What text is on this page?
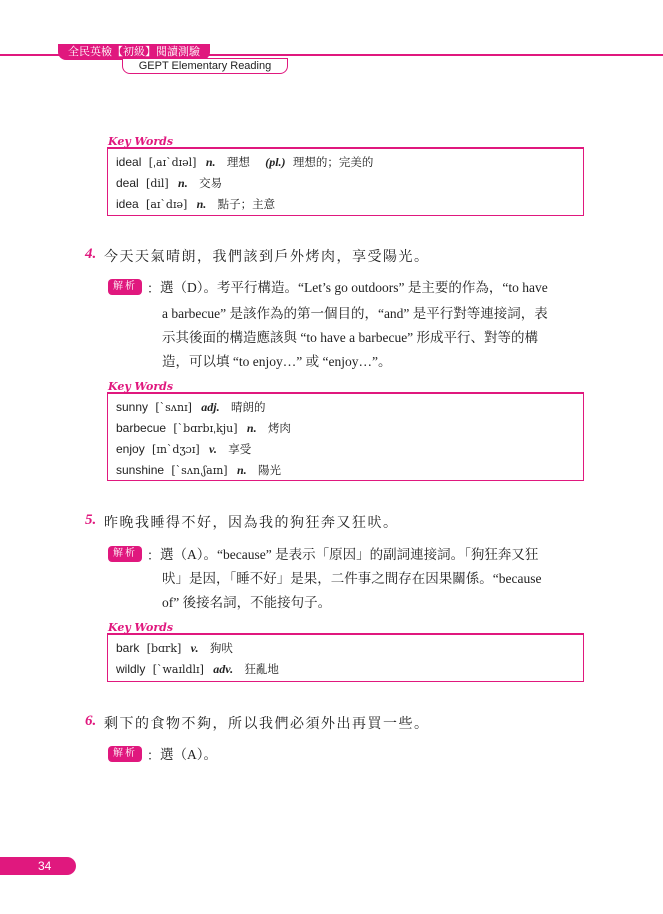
全民英檢【初級】閱讀測驗
GEPT Elementary Reading
Key Words
ideal [ˌaɪˋdɪəl] n. 理想 (pl.) 理想的；完美的
deal [dil] n. 交易
idea [aɪˋdɪə] n. 點子；主意
4. 今天天氣晴朗，我們該到戶外烤肉，享受陽光。
解析 ： 選（D）。考平行構造。“Let’s go outdoors” 是主要的作為，“to have
a barbecue” 是該作為的第一個目的，“and” 是平行對等連接詞，表
示其後面的構造應該與 “to have a barbecue” 形成平行、對等的構
造，可以填 “to enjoy…” 或 “enjoy…”。
Key Words
sunny [ˋsʌnɪ] adj. 晴朗的
barbecue [ˋbɑrbɪˌkju] n. 烤肉
enjoy [ɪnˋdʒɔɪ] v. 享受
sunshine [ˋsʌnˌʃaɪn] n. 陽光
5. 昨晚我睡得不好，因為我的狗狂奔又狂吠。
解析 ： 選（A）。“because” 是表示「原因」的副詞連接詞。「狗狂奔又狂
吠」是因，「睡不好」是果，二件事之間存在因果關係。“because
of” 後接名詞，不能接句子。
Key Words
bark [bɑrk] v. 狗吠
wildly [ˋwaɪldlɪ] adv. 狂亂地
6. 剩下的食物不夠，所以我們必須外出再買一些。
解析 ： 選（A）。
34
